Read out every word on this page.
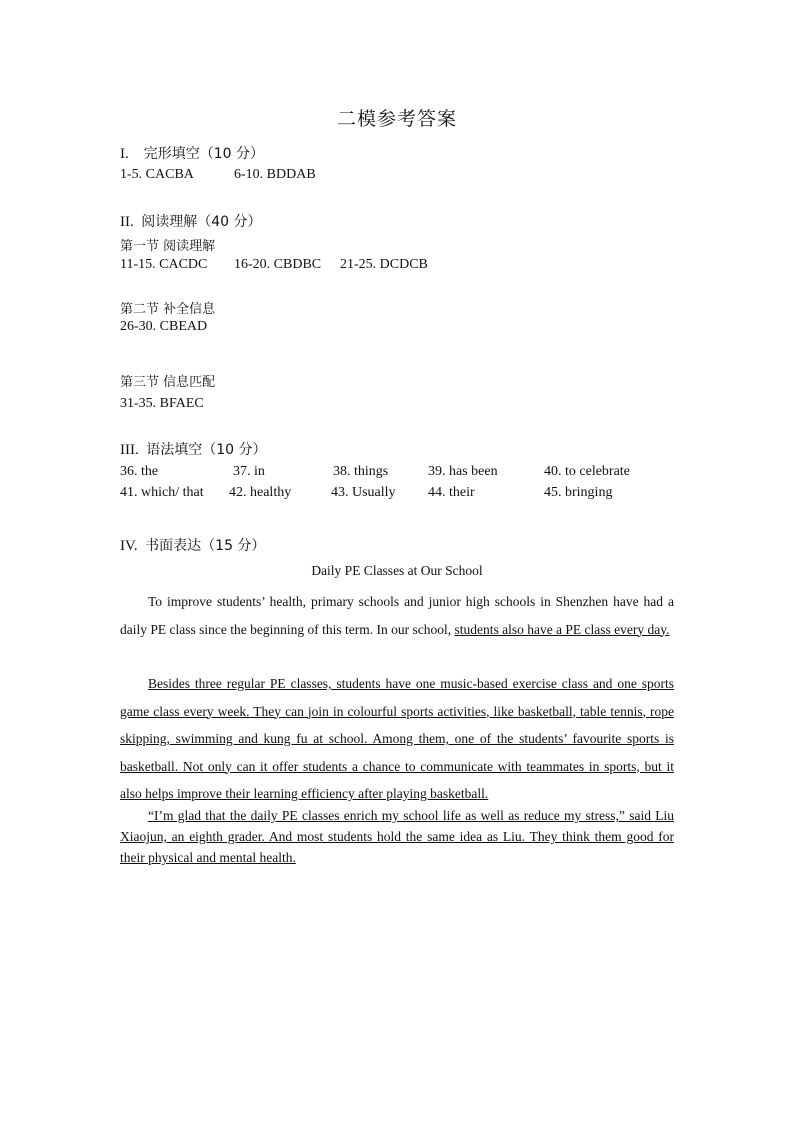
二模参考答案
I. 完形填空（10 分）
1-5. CACBA	6-10. BDDAB
II. 阅读理解（40 分）
第一节 阅读理解
11-15. CACDC 16-20. CBDBC 21-25. DCDCB
第二节 补全信息
26-30. CBEAD
第三节 信息匹配
31-35. BFAEC
III. 语法填空（10 分）
36. the	37. in	38. things	39. has been	40. to celebrate
41. which/ that 42. healthy	43. Usually 44. their	45. bringing
IV. 书面表达（15 分）
Daily PE Classes at Our School
To improve students’ health, primary schools and junior high schools in Shenzhen have had a daily PE class since the beginning of this term. In our school, students also have a PE class every day.
Besides three regular PE classes, students have one music-based exercise class and one sports game class every week. They can join in colourful sports activities, like basketball, table tennis, rope skipping, swimming and kung fu at school. Among them, one of the students’ favourite sports is basketball. Not only can it offer students a chance to communicate with teammates in sports, but it also helps improve their learning efficiency after playing basketball.
“I’m glad that the daily PE classes enrich my school life as well as reduce my stress,” said Liu Xiaojun, an eighth grader. And most students hold the same idea as Liu. They think them good for their physical and mental health.
